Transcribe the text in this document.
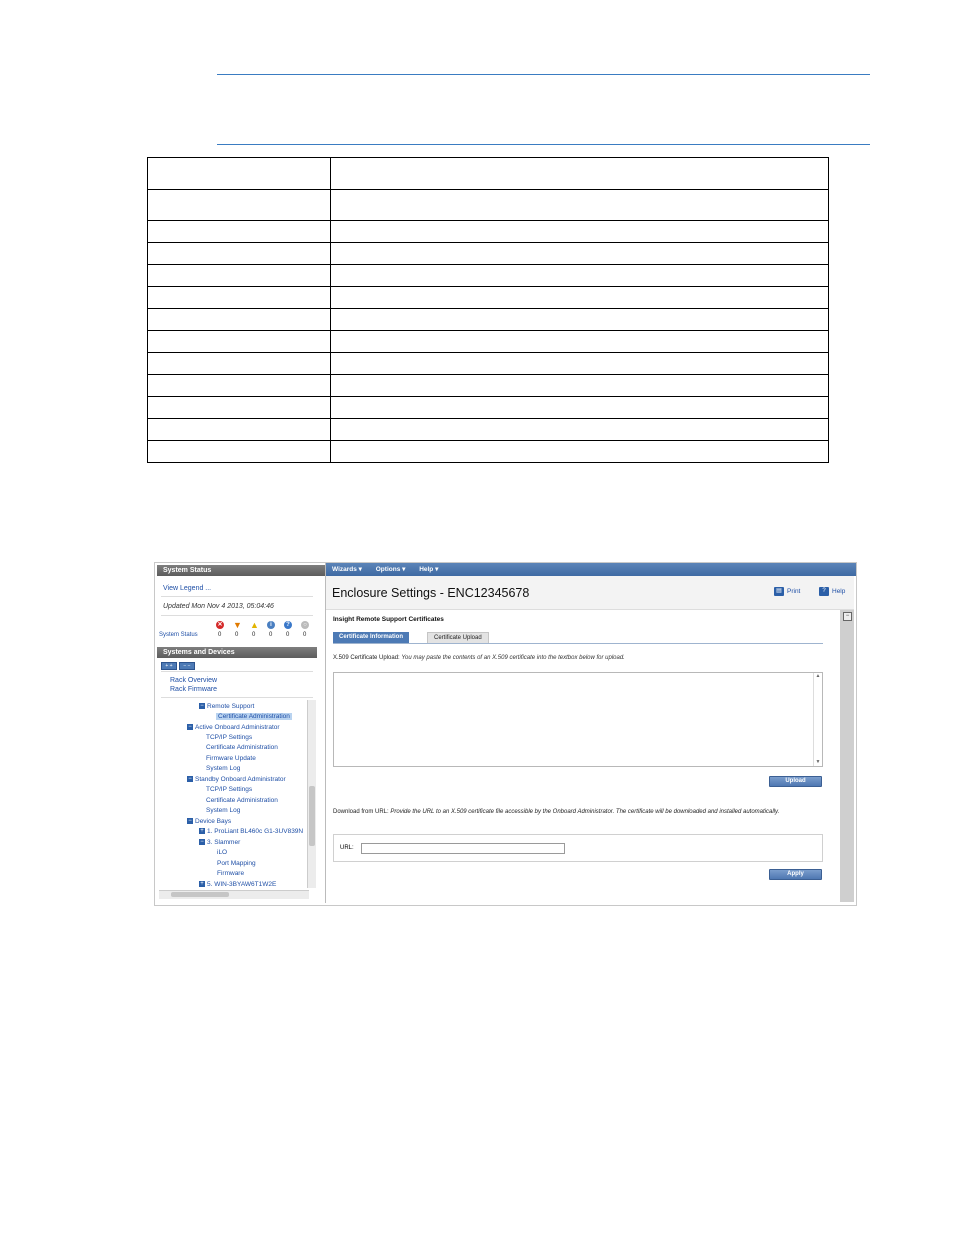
System Status
View Legend ...
Updated Mon Nov 4 2013, 05:04:46
✕ ▼ ▲	i	?	○
System Status	0 0 0 0 0 0
Systems and Devices
+ +	− −
Rack Overview
Rack Firmware
− Remote Support
Certificate Administration
− Active Onboard Administrator
TCP/IP Settings
Certificate Administration
Firmware Update
System Log
− Standby Onboard Administrator
TCP/IP Settings
Certificate Administration
System Log
− Device Bays
+ 1. ProLiant BL460c G1-3UV839N
− 3. Slammer
iLO
Port Mapping
Firmware
+ 5. WIN-3BYAW6T1W2E
Wizards ▾ Options ▾ Help ▾
Enclosure Settings - ENC12345678	▤ Print	? Help
Insight Remote Support Certificates
Certificate Information	Certificate Upload
X.509 Certificate Upload: You may paste the contents of an X.509 certificate into the textbox below for upload.
▲
▼
Upload
Download from URL: Provide the URL to an X.509 certificate file accessible by the Onboard Administrator. The certificate will be downloaded and installed automatically.
URL:
Apply
−
